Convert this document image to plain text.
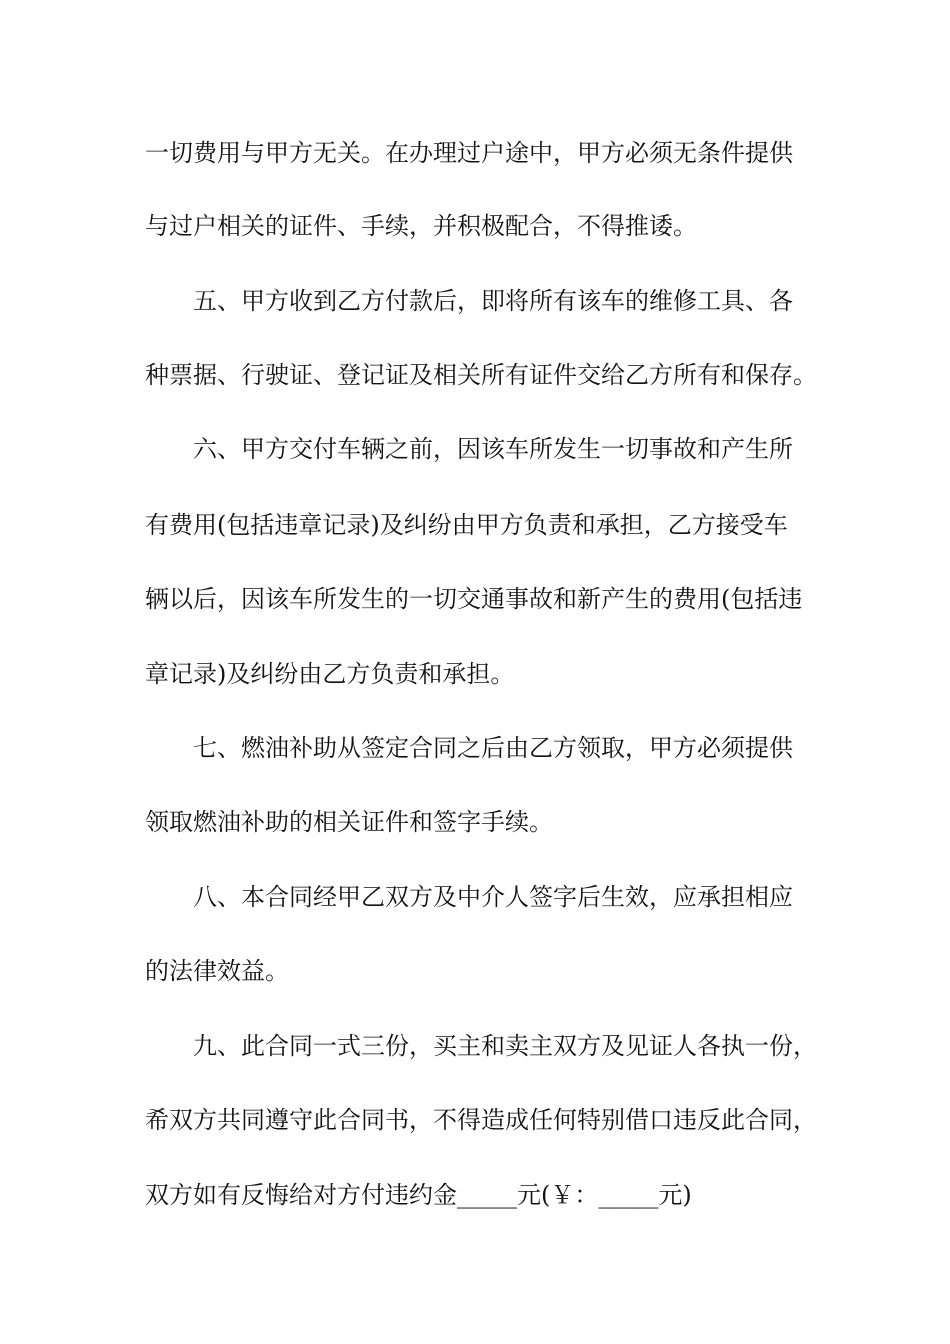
一切费用与甲方无关。在办理过户途中，甲方必须无条件提供
与过户相关的证件、手续，并积极配合，不得推诿。
五、甲方收到乙方付款后，即将所有该车的维修工具、各
种票据、行驶证、登记证及相关所有证件交给乙方所有和保存。
六、甲方交付车辆之前，因该车所发生一切事故和产生所
有费用(包括违章记录)及纠纷由甲方负责和承担，乙方接受车
辆以后，因该车所发生的一切交通事故和新产生的费用(包括违
章记录)及纠纷由乙方负责和承担。
七、燃油补助从签定合同之后由乙方领取，甲方必须提供
领取燃油补助的相关证件和签字手续。
八、本合同经甲乙双方及中介人签字后生效，应承担相应
的法律效益。
九、此合同一式三份，买主和卖主双方及见证人各执一份，
希双方共同遵守此合同书，不得造成任何特别借口违反此合同，
双方如有反悔给对方付违约金_____元(￥：_____元)
